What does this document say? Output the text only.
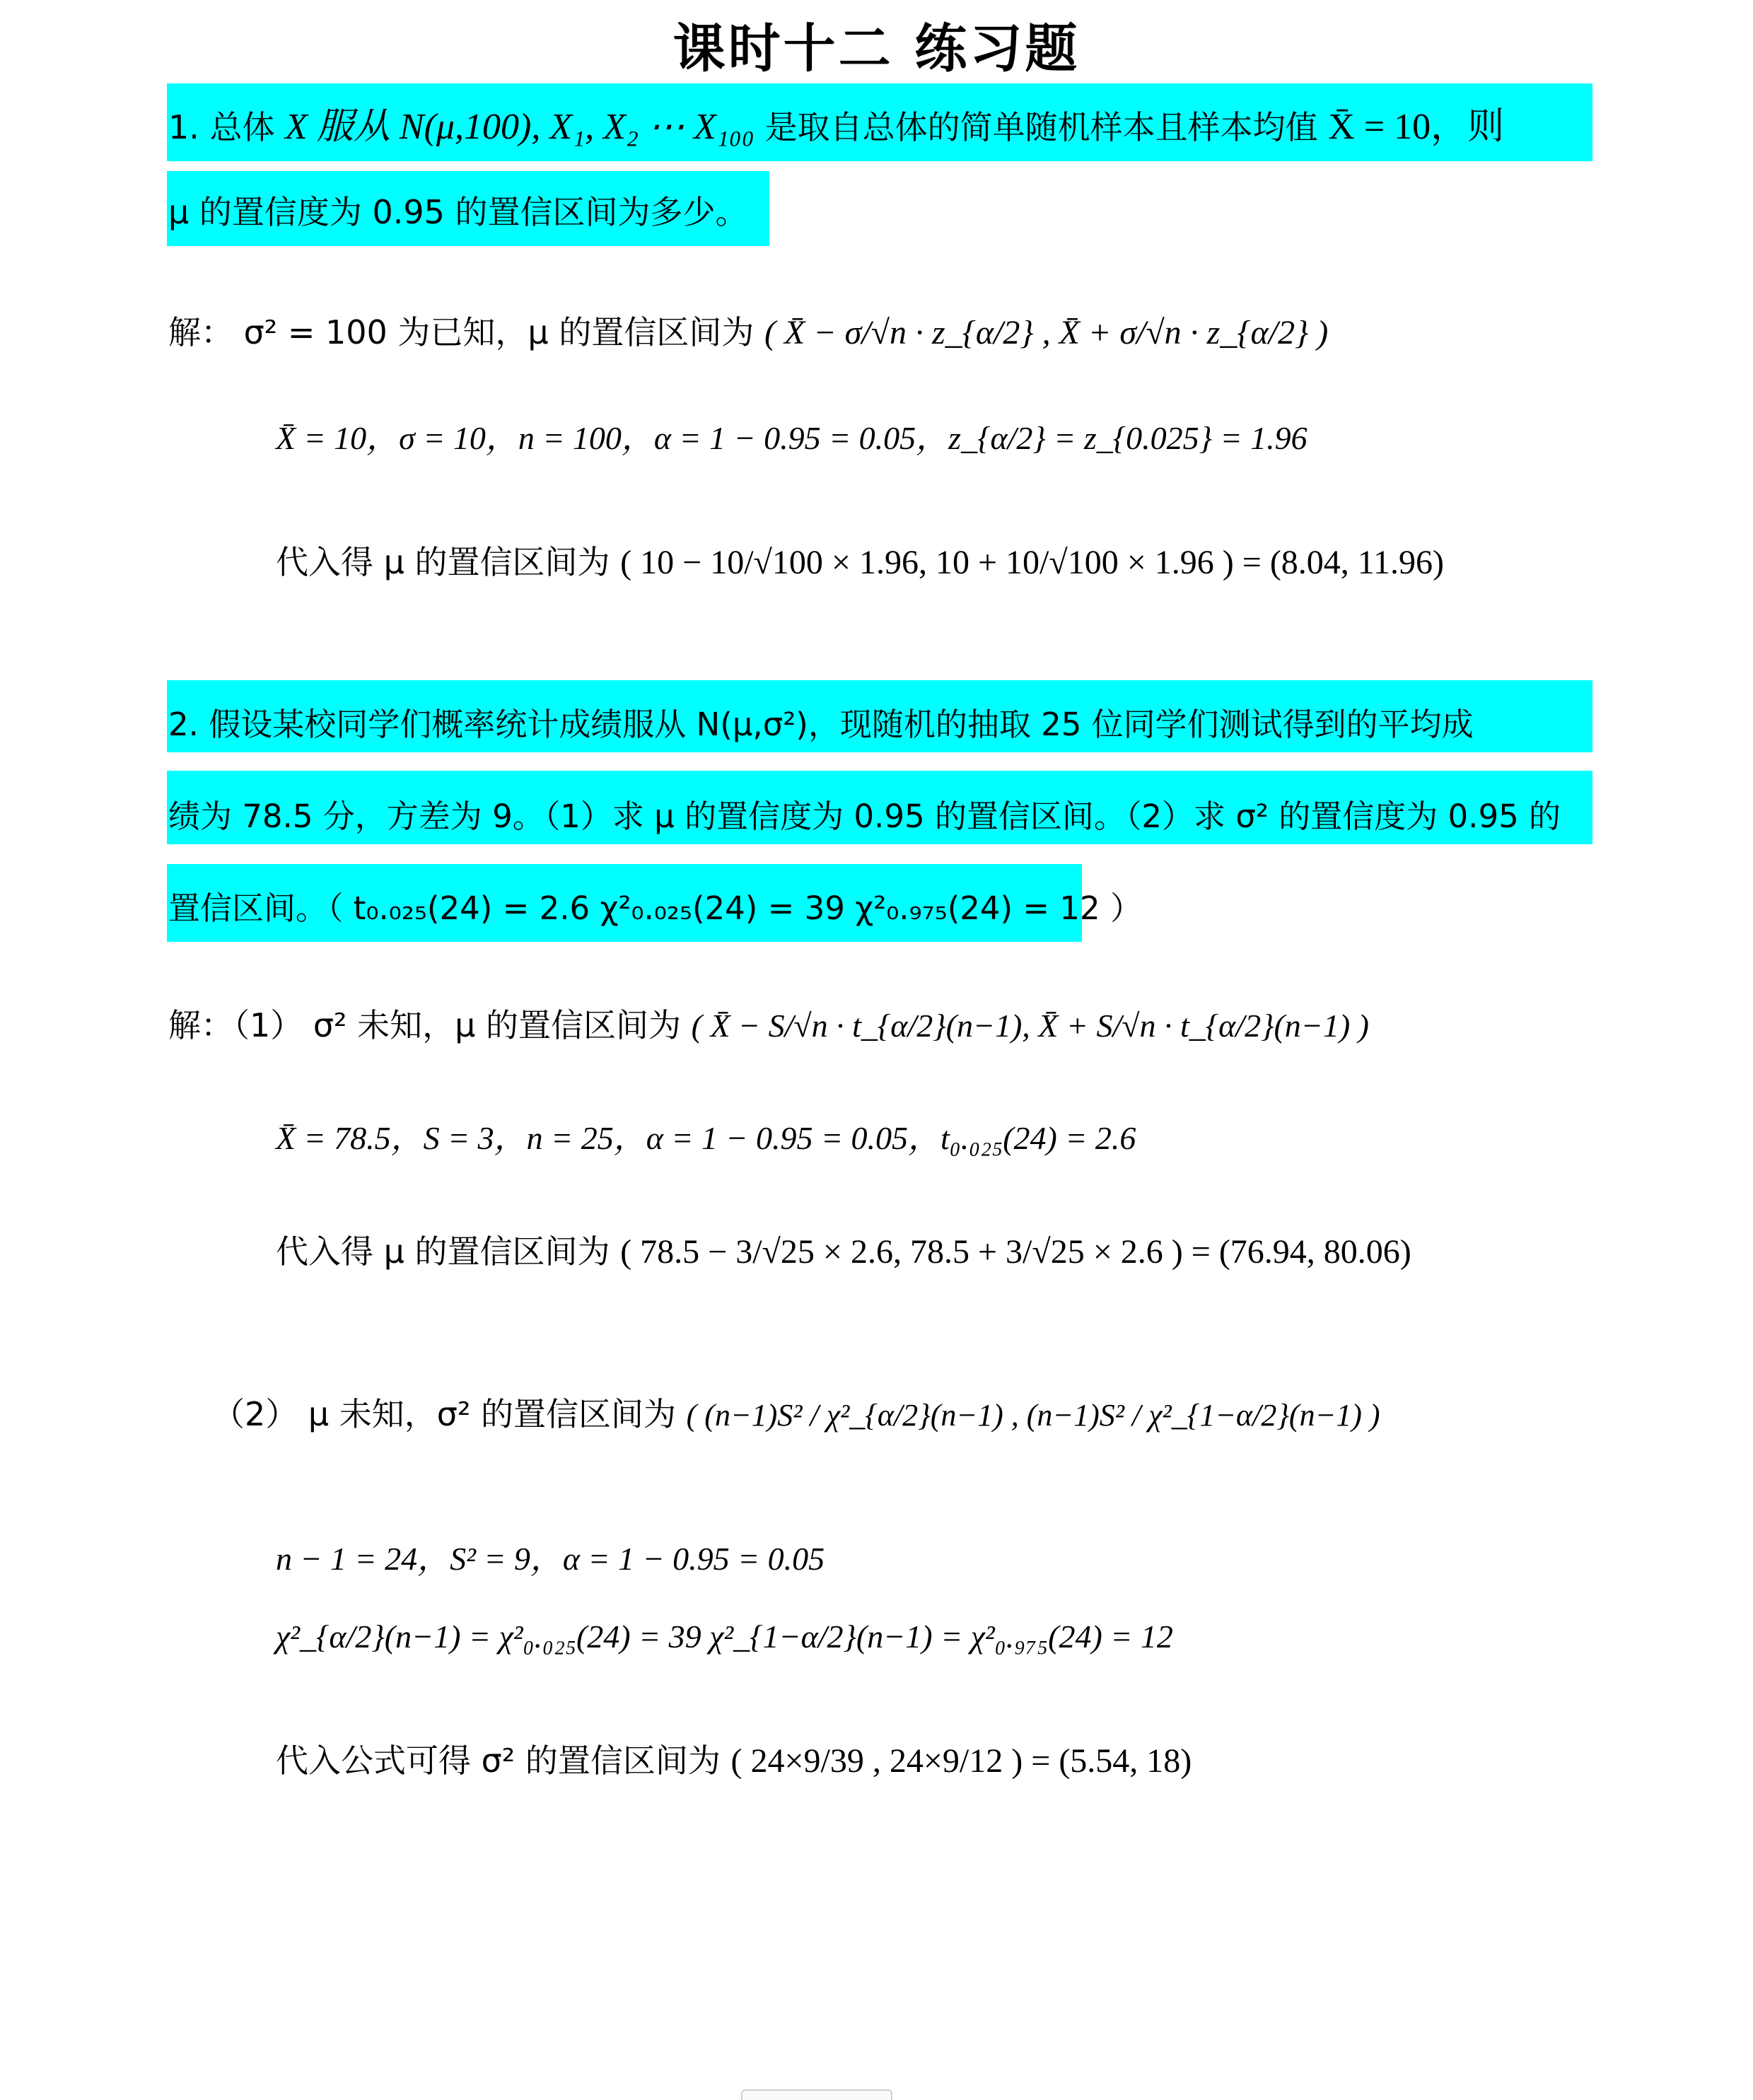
课时十二 练习题
1. 总体 X 服从 N(μ,100), X₁, X₂ ⋯ X₁₀₀ 是取自总体的简单随机样本且样本均值 X̄ = 10，则
μ 的置信度为 0.95 的置信区间为多少。
解： σ² = 100 为已知，μ 的置信区间为 ( X̄ − σ/√n · z_{α/2} , X̄ + σ/√n · z_{α/2} )
X̄ = 10，σ = 10，n = 100，α = 1 − 0.95 = 0.05，z_{α/2} = z_{0.025} = 1.96
代入得 μ 的置信区间为 ( 10 − 10/√100 × 1.96, 10 + 10/√100 × 1.96 ) = (8.04, 11.96)
2. 假设某校同学们概率统计成绩服从 N(μ,σ²)，现随机的抽取 25 位同学们测试得到的平均成
绩为 78.5 分，方差为 9。（1）求 μ 的置信度为 0.95 的置信区间。（2）求 σ² 的置信度为 0.95 的
置信区间。（ t₀.₀₂₅(24) = 2.6 χ²₀.₀₂₅(24) = 39 χ²₀.₉₇₅(24) = 12 ）
解：（1） σ² 未知，μ 的置信区间为 ( X̄ − S/√n · t_{α/2}(n−1), X̄ + S/√n · t_{α/2}(n−1) )
X̄ = 78.5，S = 3，n = 25，α = 1 − 0.95 = 0.05，t₀.₀₂₅(24) = 2.6
代入得 μ 的置信区间为 ( 78.5 − 3/√25 × 2.6, 78.5 + 3/√25 × 2.6 ) = (76.94, 80.06)
（2） μ 未知，σ² 的置信区间为 ( (n−1)S² / χ²_{α/2}(n−1) , (n−1)S² / χ²_{1−α/2}(n−1) )
n − 1 = 24，S² = 9，α = 1 − 0.95 = 0.05
χ²_{α/2}(n−1) = χ²₀.₀₂₅(24) = 39 χ²_{1−α/2}(n−1) = χ²₀.₉₇₅(24) = 12
代入公式可得 σ² 的置信区间为 ( 24×9/39 , 24×9/12 ) = (5.54, 18)
